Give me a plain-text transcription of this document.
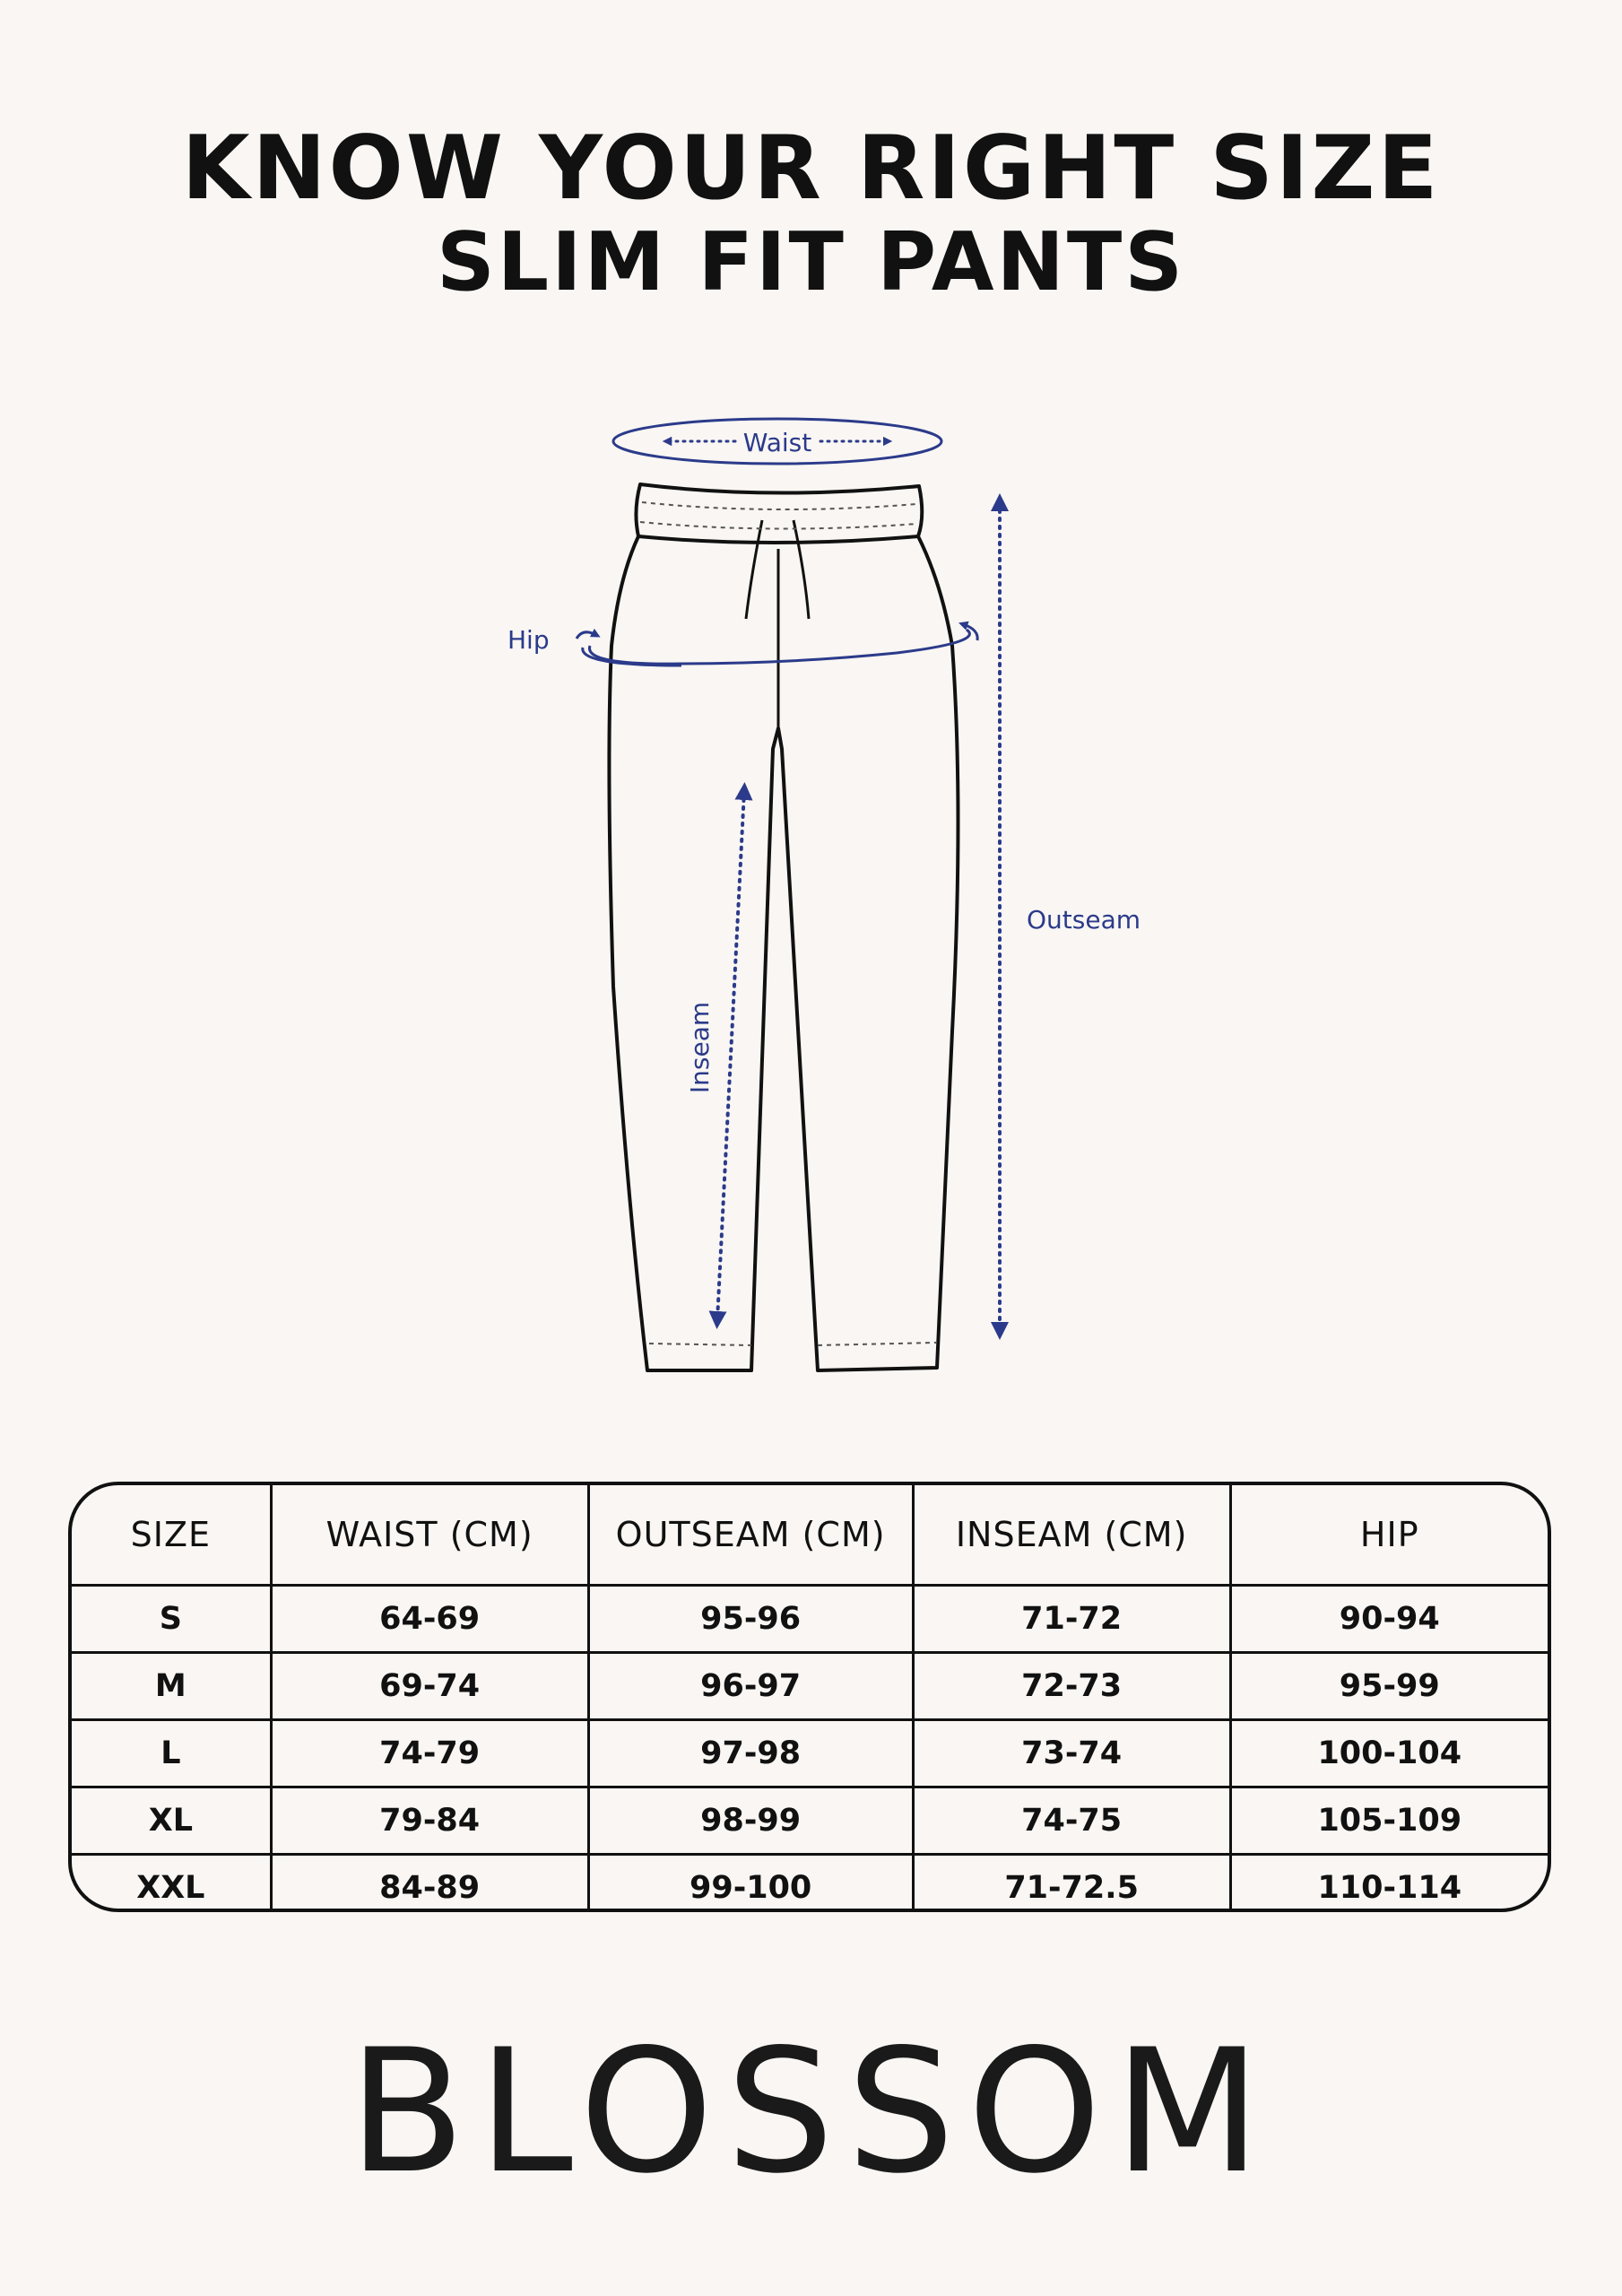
KNOW YOUR RIGHT SIZE
SLIM FIT PANTS
Waist
Hip
Inseam
Outseam
SIZE	WAIST (CM)	OUTSEAM (CM)	INSEAM (CM)	HIP
S	64-69	95-96	71-72	90-94
M	69-74	96-97	72-73	95-99
L	74-79	97-98	73-74	100-104
XL	79-84	98-99	74-75	105-109
XXL	84-89	99-100	71-72.5	110-114
BLOSSOM
